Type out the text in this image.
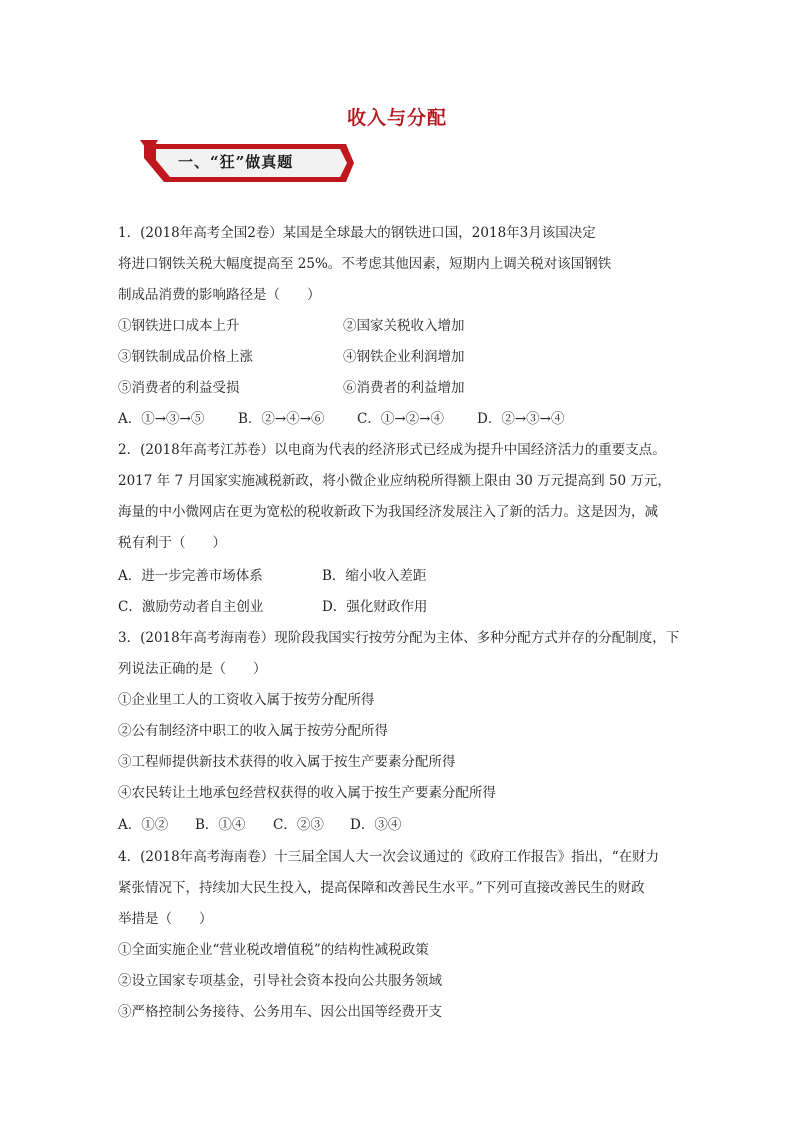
收入与分配
一、“狂”做真题
1．(2018年高考全国2卷）某国是全球最大的钢铁进口国，2018年3月该国决定
将进口钢铁关税大幅度提高至 25%。不考虑其他因素，短期内上调关税对该国钢铁
制成品消费的影响路径是（　　）
①钢铁进口成本上升	②国家关税收入增加
③钢铁制成品价格上涨	④钢铁企业利润增加
⑤消费者的利益受损	⑥消费者的利益增加
A．①→③→⑤ B．②→④→⑥ C．①→②→④ D．②→③→④
2．(2018年高考江苏卷）以电商为代表的经济形式已经成为提升中国经济活力的重要支点。
2017 年 7 月国家实施减税新政，将小微企业应纳税所得额上限由 30 万元提高到 50 万元，
海量的中小微网店在更为宽松的税收新政下为我国经济发展注入了新的活力。这是因为，减
税有利于（　　）
A．进一步完善市场体系	B．缩小收入差距
C．激励劳动者自主创业	D．强化财政作用
3．(2018年高考海南卷）现阶段我国实行按劳分配为主体、多种分配方式并存的分配制度，下
列说法正确的是（　　）
①企业里工人的工资收入属于按劳分配所得
②公有制经济中职工的收入属于按劳分配所得
③工程师提供新技术获得的收入属于按生产要素分配所得
④农民转让土地承包经营权获得的收入属于按生产要素分配所得
A．①② B．①④ C．②③ D．③④
4．(2018年高考海南卷）十三届全国人大一次会议通过的《政府工作报告》指出，“在财力
紧张情况下，持续加大民生投入，提高保障和改善民生水平。”下列可直接改善民生的财政
举措是（　　）
①全面实施企业“营业税改增值税”的结构性减税政策
②设立国家专项基金，引导社会资本投向公共服务领域
③严格控制公务接待、公务用车、因公出国等经费开支
